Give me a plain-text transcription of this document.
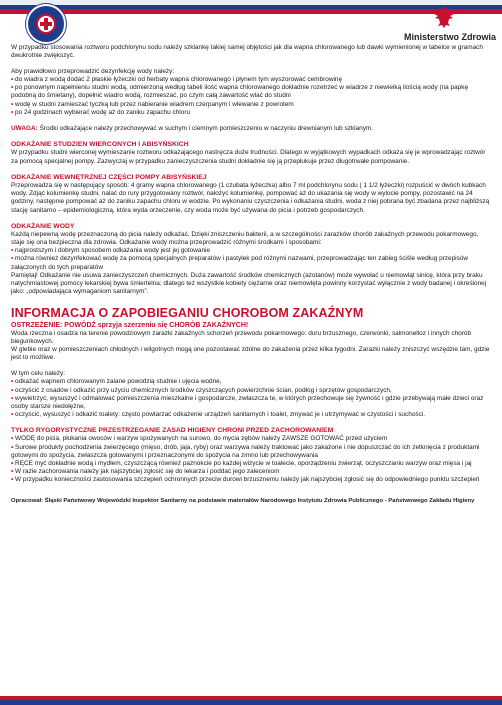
Ministerstwo Zdrowia

W przypadku stosowania roztworu podchlorynu sodu należy szklankę takiej samej objętości jak dla wapna chlorowanego lub dawki wymienionej w tabelce w gramach dwukrotnie zwiększyć.

Aby prawidłowo przeprowadzić dezynfekcję wody należy:

• do wiadra z wodą dodać 2 płaskie łyżeczki od herbaty wapna chlorowanego i płynem tym wyszorować cembrowinę
• po ponownym napełnieniu studni wodą, odmierzoną według tabeli ilość wapna chlorowanego dokładnie rozetrzeć w wiadrze z niewielką ilością wody (na papkę podobną do śmietany), dopełnić wiadro wodą, rozmieszać, po czym całą zawartość wlać do studni
• wodę w studni zamieszać tyczką lub przez nabieranie wiadrem czerpanym i wlewanie z powrotem
• po 24 godzinach wybierać wodę aż do zaniku zapachu chloru

UWAGA: Środki odkażające należy przechowywać w suchym i ciemnym pomieszczeniu w naczyniu drewnianym lub szklanym.

ODKAŻANIE STUDZIEN WIERCONYCH I ABISYŃSKICH

W przypadku studni wierconej wymieszanie roztworu odkażającego nastręcza duże trudności. Dlatego w wyjątkowych wypadkach odkaża się je wprowadzając roztwór za pomocą specjalnej pompy. Zazwyczaj w przypadku zanieczyszczenia studni dokładnie się ją przepłukuje przez długotrwałe pompowanie.

ODKAŻANIE WEWNĘTRZNEJ CZĘŚCI POMPY ABISYŃSKIEJ

Przeprowadza się w następujący sposób: 4 gramy wapna chlorowanego (1 czubata łyżeczka) albo 7 ml podchlorynu sodu ( 1 1/2 łyżeczki) rozpuścić w dwóch kubkach wody. Zdjąć kolumienkę studni, nalać do rury przygotowany roztwór, nałożyć kolumienkę, pompować aż do ukazania się wody w wylocie pompy, pozostawić na 24 godziny, następnie pompować aż do zaniku zapachu chloru w wodzie. Po wykonaniu czyszczenia i odkażania studni, woda z niej pobrana być zbadana przez najbliższą stację sanitarno – epidemiologiczną, która wyda orzeczenie, czy woda może być używana do picia i potrzeb gospodarczych.

ODKAŻANIE WODY

Każdą niepewną wodę przeznaczoną do picia należy odkażać. Dzięki zniszczeniu bakterii, a w szczególności zarazków chorób zakaźnych przewodu pokarmowego, staje się ona bezpieczna dla zdrowia. Odkażanie wody można przeprowadzić różnymi środkami i sposobami:

• najprostszym i dobrym sposobem odkażania wody jest jej gotowanie
• można również dezynfekować wodę za pomocą specjalnych preparatów i pastylek pod różnymi nazwami, przeprowadzając ten zabieg ściśle według przepisów załączonych do tych preparatów

Pamiętaj! Odkażanie nie usuwa zanieczyszczeń chemicznych. Duża zawartość środków chemicznych (azotanów) może wywołać u niemowląt sinicę, która przy braku natychmiastowej pomocy lekarskiej bywa śmiertelna; dlatego też wszystkie kobiety ciężarne oraz niemowlęta powinny korzystać wyłącznie z wody badanej i określonej jako: „odpowiadająca wymaganiom sanitarnym”.

INFORMACJA O ZAPOBIEGANIU CHOROBOM ZAKAŹNYM

OSTRZEŻENIE: POWÓDŹ sprzyja szerzeniu się CHORÓB ZAKAŹNYCH!

Woda rzeczna i osadza na terenie powodziowym zarazki zakaźnych schorzeń przewodu pokarmowego: duru brzusznego, czerwonki, salmonelloz i innych chorób biegunkowych.

W glebie oraz w pomieszczeniach chłodnych i wilgotnych mogą one pozostawać zdolne do zakażenia przez kilka tygodni. Zarazki należy zniszczyć wszędzie tam, gdzie jest to możliwe.

W tym celu należy:

• odkażać wapnem chlorowanym zalane powodzią studnie i ujęcia wodne,
• oczyścić z osadów i odkazić przy użyciu chemicznych środków czyszczących powierzchnie ścian, podłóg i sprzętów gospodarczych,
• wywietrzyć, wysuszyć i odmalować pomieszczenia mieszkalne i gospodarcze, zwłaszcza te, w których przechowuje się żywność i gdzie przebywają małe dzieci oraz osoby starsze niedołężne,
• oczyścić, wysuszyć i odkazić toalety: często powtarzać odkażenie urządzeń sanitarnych i toalet, zmywać je i utrzymywać w czystości i suchości.

TYLKO RYGORYSTYCZNE PRZESTRZEGANIE ZASAD HIGIENY CHRONI PRZED ZACHOROWANIEM

• WODĘ do picia, płukania owoców i warzyw spożywanych na surowo, do mycia zębów należy ZAWSZE GOTOWAĆ przed użyciem
• Surowe produkty pochodzenia zwierzęcego (mięso, drób, jaja, ryby) oraz warzywa należy traktować jako zakażone i nie dopuszczać do ich zetknięcia z produktami gotowymi do spożycia, zwłaszcza gotowanymi i przeznaczonymi do spożycia na zimno lub przechowywania
• RĘCE myć dokładnie wodą i mydłem, czyszczącą również paznokcie po każdej wizycie w toalecie, oporządzeniu zwierząt, oczyszczaniu warzyw oraz mięsa i jaj
• W razie zachorowania należy jak najszybciej zgłosić się do lekarza i poddać jego zaleceniom
• W przypadku konieczności zastosowania szczepień ochronnych przeciw durowi brzusznemu należy jak najszybciej zgłosić się do odpowiedniego punktu szczepień

Opracował: Śląski Państwowy Wojewódzki Inspektor Sanitarny na podstawie materiałów Narodowego Instytutu Zdrowia Publicznego - Państwowego Zakładu Higieny
